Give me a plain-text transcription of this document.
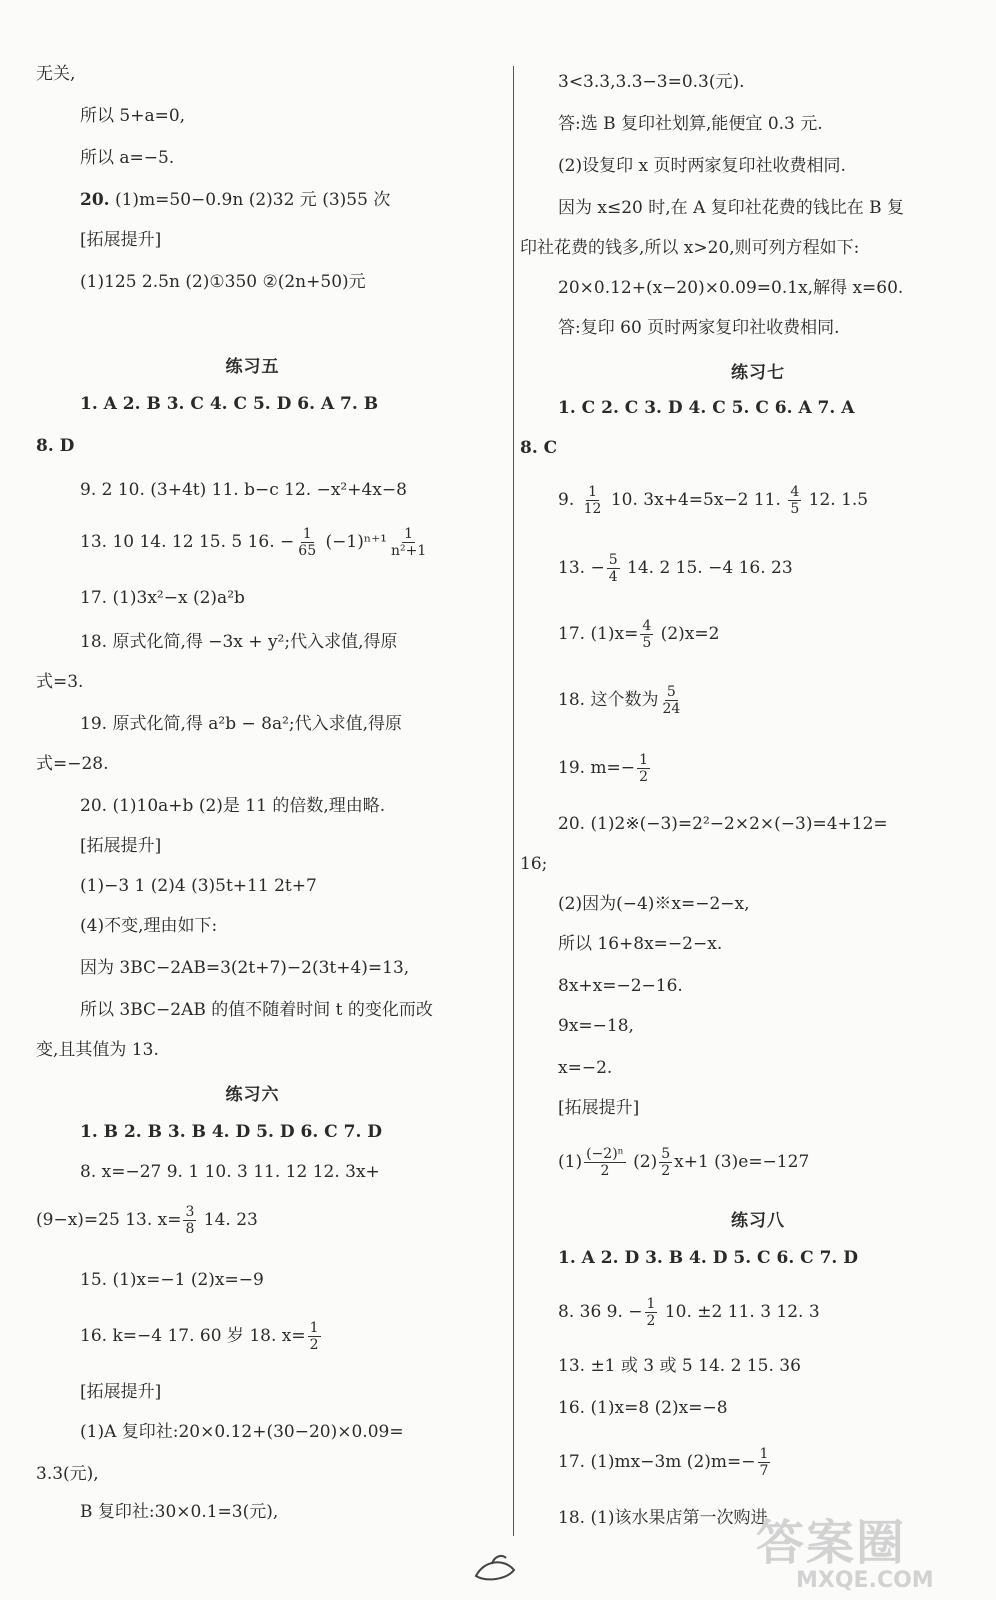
无关,
所以 5+a=0,
所以 a=−5.
20. (1)m=50−0.9n (2)32 元 (3)55 次
[拓展提升]
(1)125 2.5n (2)①350 ②(2n+50)元
练习五
1. A 2. B 3. C 4. C 5. D 6. A 7. B
8. D
9. 2 10. (3+4t) 11. b−c 12. −x²+4x−8
13. 10 14. 12 15. 5 16. − $\frac{1}{65} (-1)^{n+1} \frac{1}{\text{n²+1}}$
17. (1)3x²−x (2)a²b
18. 原式化简,得 −3x + y²;代入求值,得原
式=3.
19. 原式化简,得 a²b − 8a²;代入求值,得原
式=−28.
20. (1)10a+b (2)是 11 的倍数,理由略.
[拓展提升]
(1)−3 1 (2)4 (3)5t+11 2t+7
(4)不变,理由如下:
因为 3BC−2AB=3(2t+7)−2(3t+4)=13,
所以 3BC−2AB 的值不随着时间 t 的变化而改
变,且其值为 13.
练习六
1. B 2. B 3. B 4. D 5. D 6. C 7. D
8. x=−27 9. 1 10. 3 11. 12 12. 3x+
(9−x)=25 13. $x= \frac{3}{8} 14$. 23
15. (1)x=−1 (2)x=−9
16. k=−4 17. 60 岁 18. $x= \frac{1}{2}$
[拓展提升]
(1)A 复印社:20×0.12+(30−20)×0.09=
3.3(元),
B 复印社:30×0.1=3(元),
3<3.3,3.3−3=0.3(元).
答:选 B 复印社划算,能便宜 0.3 元.
(2)设复印 x 页时两家复印社收费相同.
因为 x≤20 时,在 A 复印社花费的钱比在 B 复
印社花费的钱多,所以 x>20,则可列方程如下:
20×0.12+(x−20)×0.09=0.1x,解得 x=60.
答:复印 60 页时两家复印社收费相同.
练习七
1. C 2. C 3. D 4. C 5. C 6. A 7. A
8. C
9. $\frac{1}{12} 10$. 3x+4=5x−2 11. $\frac{4}{5} 12$. 1.5
13. − $\frac{5}{4} 14$. 2 15. −4 16. 23
17. $(1)x= \frac{4}{5} (2)x=2$
18. 这个数为 $\frac{5}{24}$
19. $m=- \frac{1}{2}$
20. (1)2※(−3)=2²−2×2×(−3)=4+12=
16;
(2)因为(−4)※x=−2−x,
所以 16+8x=−2−x.
8x+x=−2−16.
9x=−18,
x=−2.
[拓展提升]
$(1) \frac{\text{(−2)ⁿ}}{2} (2) \frac{5}{2} x+1$ (3)e=−127
练习八
1. A 2. D 3. B 4. D 5. C 6. C 7. D
8. 36 9. − $\frac{1}{2} 10$. ±2 11. 3 12. 3
13. ±1 或 3 或 5 14. 2 15. 36
16. (1)x=8 (2)x=−8
17. (1)mx−3m $(2)m=- \frac{1}{7}$
18. (1)该水果店第一次购进
答案圈
MXQE.COM
